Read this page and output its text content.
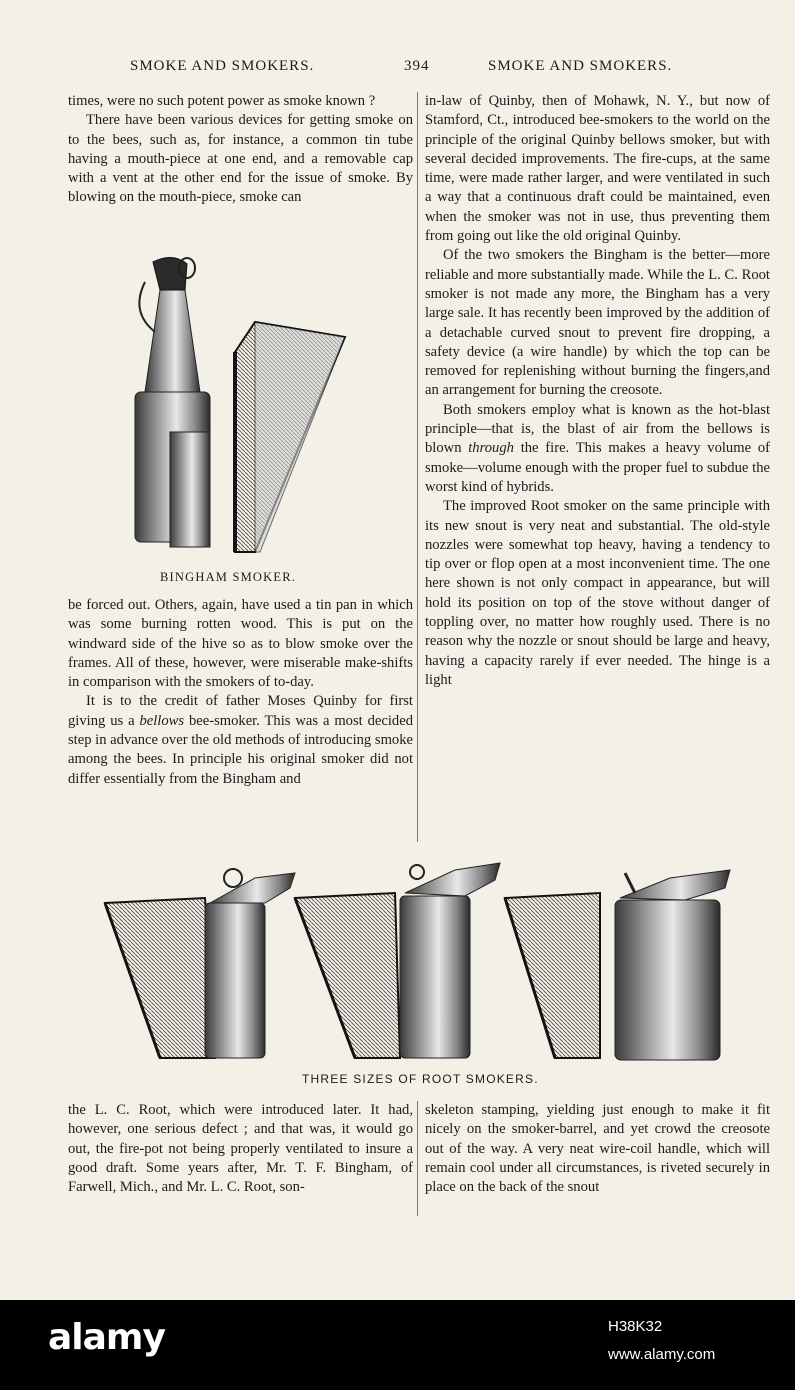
SMOKE AND SMOKERS.	394	SMOKE AND SMOKERS.

times, were no such potent power as smoke known ?

There have been various devices for getting smoke on to the bees, such as, for instance, a common tin tube having a mouth-piece at one end, and a removable cap with a vent at the other end for the issue of smoke. By blowing on the mouth-piece, smoke can

BINGHAM SMOKER.

be forced out. Others, again, have used a tin pan in which was some burning rotten wood. This is put on the windward side of the hive so as to blow smoke over the frames. All of these, however, were miserable make-shifts in comparison with the smokers of to-day.

It is to the credit of father Moses Quinby for first giving us a bellows bee-smoker. This was a most decided step in advance over the old methods of introducing smoke among the bees. In principle his original smoker did not differ essentially from the Bingham and

in-law of Quinby, then of Mohawk, N. Y., but now of Stamford, Ct., introduced bee-smokers to the world on the principle of the original Quinby bellows smoker, but with several decided improvements. The fire-cups, at the same time, were made rather larger, and were ventilated in such a way that a continuous draft could be maintained, even when the smoker was not in use, thus preventing them from going out like the old original Quinby.

Of the two smokers the Bingham is the better—more reliable and more substantially made. While the L. C. Root smoker is not made any more, the Bingham has a very large sale. It has recently been improved by the addition of a detachable curved snout to prevent fire dropping, a safety device (a wire handle) by which the top can be removed for replenishing without burning the fingers,and an arrangement for burning the creosote.

Both smokers employ what is known as the hot-blast principle—that is, the blast of air from the bellows is blown through the fire. This makes a heavy volume of smoke—volume enough with the proper fuel to subdue the worst kind of hybrids.

The improved Root smoker on the same principle with its new snout is very neat and substantial. The old-style nozzles were somewhat top heavy, having a tendency to tip over or flop open at a most inconvenient time. The one here shown is not only compact in appearance, but will hold its position on top of the stove without danger of toppling over, no matter how roughly used. There is no reason why the nozzle or snout should be large and heavy, having a capacity rarely if ever needed. The hinge is a light

THREE SIZES OF ROOT SMOKERS.

the L. C. Root, which were introduced later. It had, however, one serious defect ; and that was, it would go out, the fire-pot not being properly ventilated to insure a good draft. Some years after, Mr. T. F. Bingham, of Farwell, Mich., and Mr. L. C. Root, son-

skeleton stamping, yielding just enough to make it fit nicely on the smoker-barrel, and yet crowd the creosote out of the way. A very neat wire-coil handle, which will remain cool under all circumstances, is riveted securely in place on the back of the snout

alamy	H38K32
www.alamy.com
